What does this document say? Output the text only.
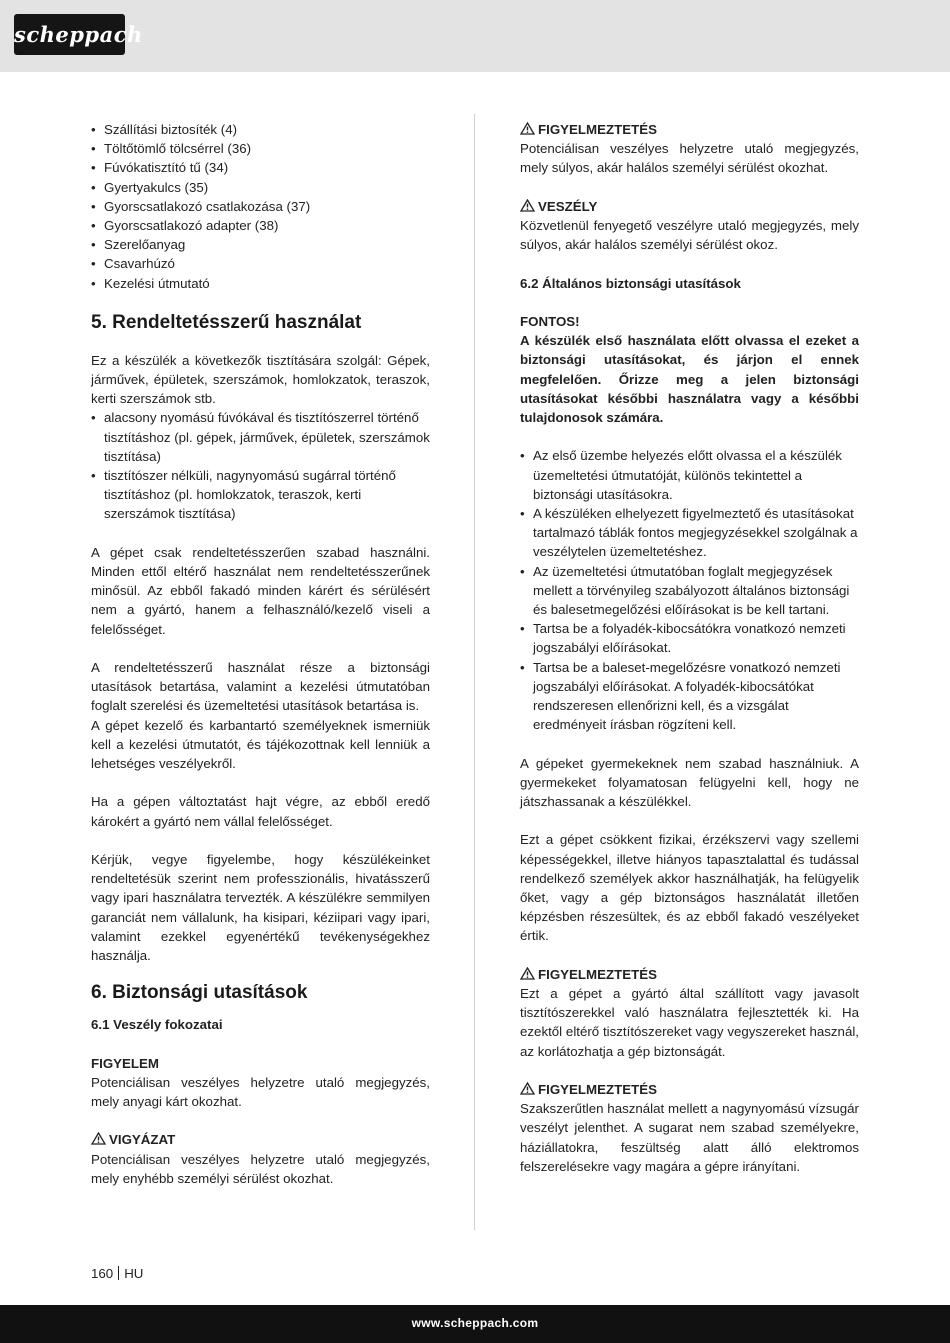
scheppach
• Szállítási biztosíték (4)
• Töltőtömlő tölcsérrel (36)
• Fúvókatisztító tű (34)
• Gyertyakulcs (35)
• Gyorscsatlakozó csatlakozása (37)
• Gyorscsatlakozó adapter (38)
• Szerelőanyag
• Csavarhúzó
• Kezelési útmutató
5. Rendeltetésszerű használat

Ez a készülék a következők tisztítására szolgál: Gépek, járművek, épületek, szerszámok, homlokzatok, teraszok, kerti szerszámok stb.

• alacsony nyomású fúvókával és tisztítószerrel történő tisztításhoz (pl. gépek, járművek, épületek, szerszámok tisztítása)
• tisztítószer nélküli, nagynyomású sugárral történő tisztításhoz (pl. homlokzatok, teraszok, kerti szerszámok tisztítása)

A gépet csak rendeltetésszerűen szabad használni. Minden ettől eltérő használat nem rendeltetésszerűnek minősül. Az ebből fakadó minden kárért és sérülésért nem a gyártó, hanem a felhasználó/kezelő viseli a felelősséget.

A rendeltetésszerű használat része a biztonsági utasítások betartása, valamint a kezelési útmutatóban foglalt szerelési és üzemeltetési utasítások betartása is.

A gépet kezelő és karbantartó személyeknek ismerniük kell a kezelési útmutatót, és tájékozottnak kell lenniük a lehetséges veszélyekről.

Ha a gépen változtatást hajt végre, az ebből eredő károkért a gyártó nem vállal felelősséget.

Kérjük, vegye figyelembe, hogy készülékeinket rendeltetésük szerint nem professzionális, hivatásszerű vagy ipari használatra tervezték. A készülékre semmilyen garanciát nem vállalunk, ha kisipari, kéziipari vagy ipari, valamint ezekkel egyenértékű tevékenységekhez használja.

6. Biztonsági utasítások
6.1 Veszély fokozatai
FIGYELEM

Potenciálisan veszélyes helyzetre utaló megjegyzés, mely anyagi kárt okozhat.

VIGYÁZAT

Potenciálisan veszélyes helyzetre utaló megjegyzés, mely enyhébb személyi sérülést okozhat.

FIGYELMEZTETÉS

Potenciálisan veszélyes helyzetre utaló megjegyzés, mely súlyos, akár halálos személyi sérülést okozhat.

VESZÉLY

Közvetlenül fenyegető veszélyre utaló megjegyzés, mely súlyos, akár halálos személyi sérülést okoz.

6.2 Általános biztonsági utasítások
FONTOS!

A készülék első használata előtt olvassa el ezeket a biztonsági utasításokat, és járjon el ennek megfelelően. Őrizze meg a jelen biztonsági utasításokat későbbi használatra vagy a későbbi tulajdonosok számára.

• Az első üzembe helyezés előtt olvassa el a készülék üzemeltetési útmutatóját, különös tekintettel a biztonsági utasításokra.
• A készüléken elhelyezett figyelmeztető és utasításokat tartalmazó táblák fontos megjegyzésekkel szolgálnak a veszélytelen üzemeltetéshez.
• Az üzemeltetési útmutatóban foglalt megjegyzések mellett a törvényileg szabályozott általános biztonsági és balesetmegelőzési előírásokat is be kell tartani.
• Tartsa be a folyadék-kibocsátókra vonatkozó nemzeti jogszabályi előírásokat.
• Tartsa be a baleset-megelőzésre vonatkozó nemzeti jogszabályi előírásokat. A folyadék-kibocsátókat rendszeresen ellenőrizni kell, és a vizsgálat eredményeit írásban rögzíteni kell.

A gépeket gyermekeknek nem szabad használniuk. A gyermekeket folyamatosan felügyelni kell, hogy ne játszhassanak a készülékkel.

Ezt a gépet csökkent fizikai, érzékszervi vagy szellemi képességekkel, illetve hiányos tapasztalattal és tudással rendelkező személyek akkor használhatják, ha felügyelik őket, vagy a gép biztonságos használatát illetően képzésben részesültek, és az ebből fakadó veszélyeket értik.

FIGYELMEZTETÉS

Ezt a gépet a gyártó által szállított vagy javasolt tisztítószerekkel való használatra fejlesztették ki. Ha ezektől eltérő tisztítószereket vagy vegyszereket használ, az korlátozhatja a gép biztonságát.

FIGYELMEZTETÉS

Szakszerűtlen használat mellett a nagynyomású vízsugár veszélyt jelenthet. A sugarat nem szabad személyekre, háziállatokra, feszültség alatt álló elektromos felszerelésekre vagy magára a gépre irányítani.

160 HU
www.scheppach.com
